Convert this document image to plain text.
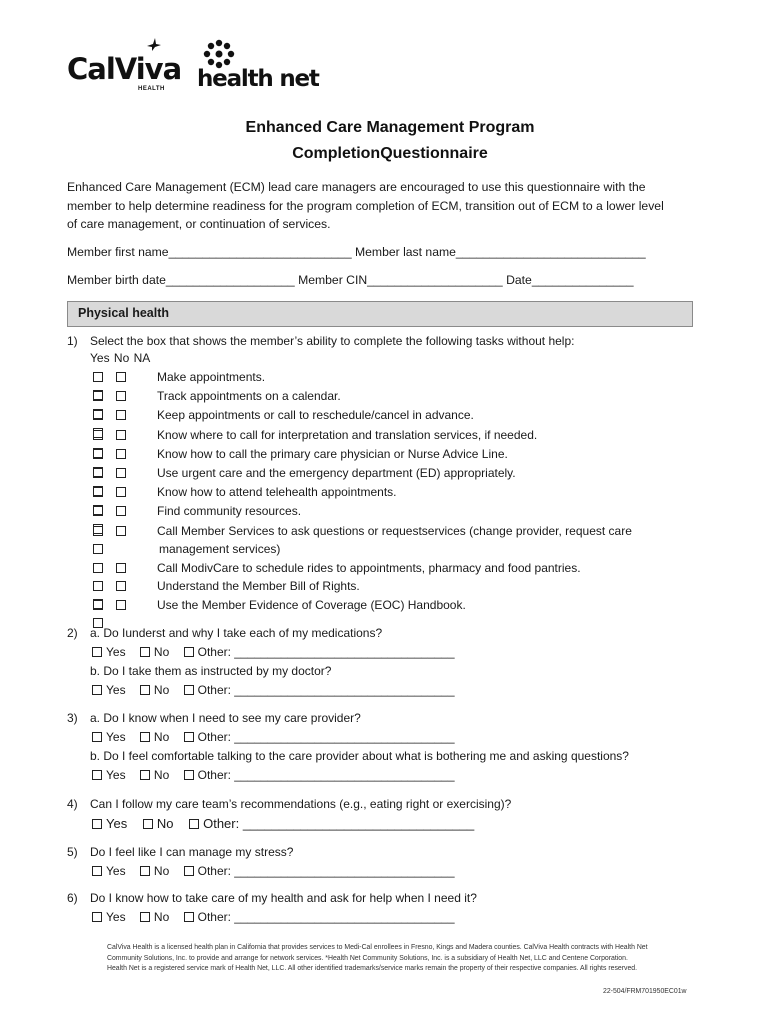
CalViva
HEALTH health net
Enhanced Care Management Program
CompletionQuestionnaire
Enhanced Care Management (ECM) lead care managers are encouraged to use this questionnaire with the
member to help determine readiness for the program completion of ECM, transition out of ECM to a lower level
of care management, or continuation of services.
Member first name___________________________ Member last name____________________________
Member birth date___________________ Member CIN____________________ Date_______________
Physical health
1) Select the box that shows the member’s ability to complete the following tasks without help:
Yes No NA
Make appointments.
Track appointments on a calendar.
Keep appointments or call to reschedule/cancel in advance.
Know where to call for interpretation and translation services, if needed.
Know how to call the primary care physician or Nurse Advice Line.
Use urgent care and the emergency department (ED) appropriately.
Know how to attend telehealth appointments.
Find community resources.
Call Member Services to ask questions or requestservices (change provider, request care
management services)
Call ModivCare to schedule rides to appointments, pharmacy and food pantries.
Understand the Member Bill of Rights.
Use the Member Evidence of Coverage (EOC) Handbook.
2) a. Do Iunderst and why I take each of my medications?
Yes No Other: _________________________________
b. Do I take them as instructed by my doctor?
Yes No Other: _________________________________
3) a. Do I know when I need to see my care provider?
Yes No Other: _________________________________
b. Do I feel comfortable talking to the care provider about what is bothering me and asking questions?
Yes No Other: _________________________________
4) Can I follow my care team’s recommendations (e.g., eating right or exercising)?
Yes No Other: ________________________________
5) Do I feel like I can manage my stress?
Yes No Other: _________________________________
6) Do I know how to take care of my health and ask for help when I need it?
Yes No Other: _________________________________
CalViva Health is a licensed health plan in California that provides services to Medi-Cal enrollees in Fresno, Kings and Madera counties. CalViva Health contracts with Health Net
Community Solutions, Inc. to provide and arrange for network services. *Health Net Community Solutions, Inc. is a subsidiary of Health Net, LLC and Centene Corporation.
Health Net is a registered service mark of Health Net, LLC. All other identified trademarks/service marks remain the property of their respective companies. All rights reserved.
22-504/FRM701950EC01w
